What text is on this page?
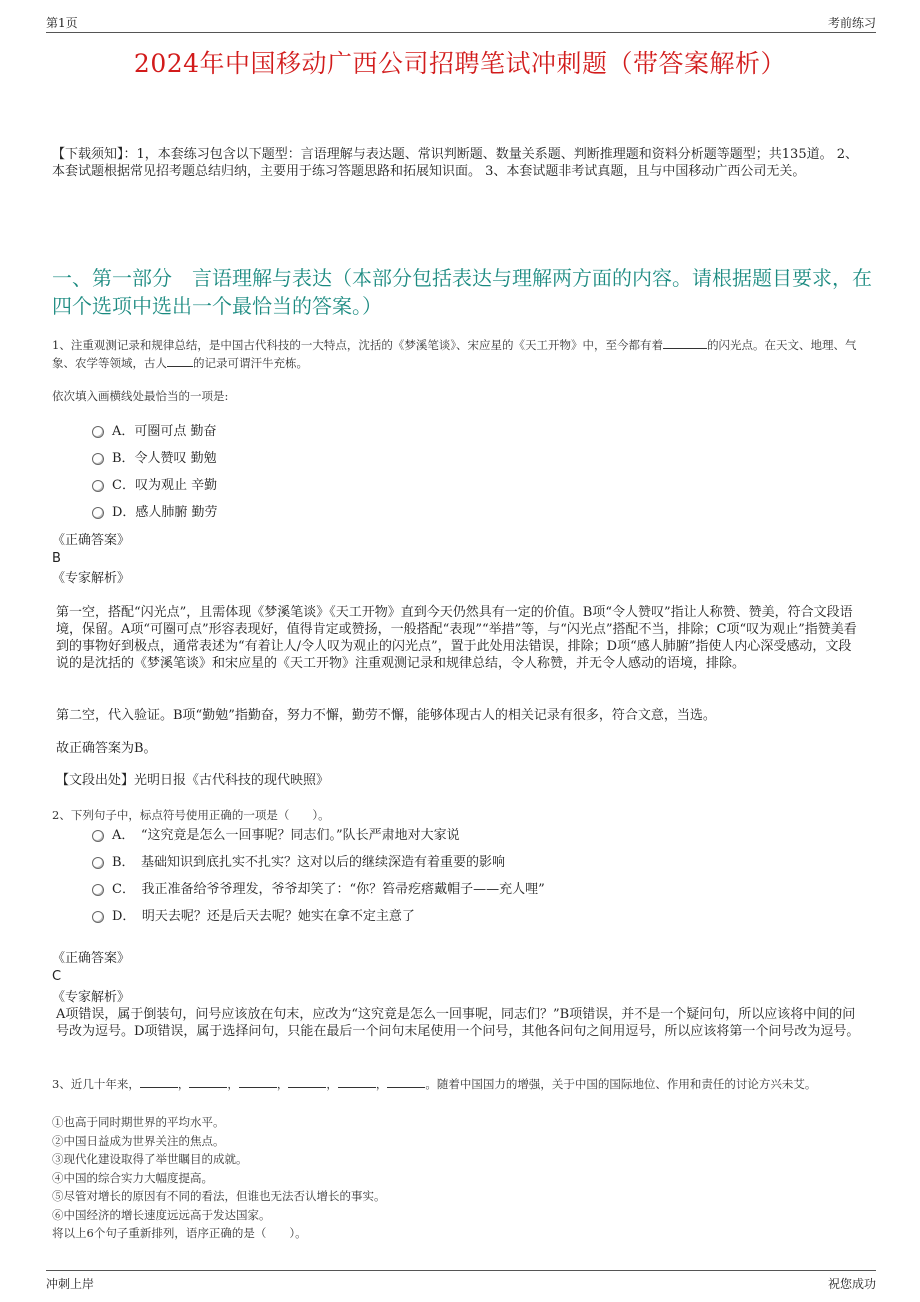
第1页	考前练习
2024年中国移动广西公司招聘笔试冲刺题（带答案解析）
【下载须知】：1，本套练习包含以下题型：言语理解与表达题、常识判断题、数量关系题、判断推理题和资料分析题等题型；共135道。 2、本套试题根据常见招考题总结归纳，主要用于练习答题思路和拓展知识面。 3、本套试题非考试真题，且与中国移动广西公司无关。
一、第一部分　言语理解与表达（本部分包括表达与理解两方面的内容。请根据题目要求，在四个选项中选出一个最恰当的答案。）
1、注重观测记录和规律总结，是中国古代科技的一大特点，沈括的《梦溪笔谈》、宋应星的《天工开物》中，至今都有着	的闪光点。在天文、地理、气象、农学等领域，古人 的记录可谓汗牛充栋。
依次填入画横线处最恰当的一项是:
A．可圈可点 勤奋
B．令人赞叹 勤勉
C．叹为观止 辛勤
D．感人肺腑 勤劳
《正确答案》
B
《专家解析》
第一空，搭配“闪光点”，且需体现《梦溪笔谈》《天工开物》直到今天仍然具有一定的价值。B项“令人赞叹”指让人称赞、赞美，符合文段语境，保留。A项“可圈可点”形容表现好，值得肯定或赞扬，一般搭配“表现”“举措”等，与“闪光点”搭配不当，排除；C项“叹为观止”指赞美看到的事物好到极点，通常表述为“有着让人/令人叹为观止的闪光点”，置于此处用法错误，排除；D项“感人肺腑”指使人内心深受感动，文段说的是沈括的《梦溪笔谈》和宋应星的《天工开物》注重观测记录和规律总结，令人称赞，并无令人感动的语境，排除。
第二空，代入验证。B项“勤勉”指勤奋，努力不懈，勤劳不懈，能够体现古人的相关记录有很多，符合文意，当选。
故正确答案为B。
【文段出处】光明日报《古代科技的现代映照》
2、下列句子中，标点符号使用正确的一项是（　　）。
A．　“这究竟是怎么一回事呢？同志们。”队长严肃地对大家说
B．　基础知识到底扎实不扎实？这对以后的继续深造有着重要的影响
C．　我正准备给爷爷理发，爷爷却笑了：“你？笞帚疙瘩戴帽子——充人哩”
D．　明天去呢？还是后天去呢？她实在拿不定主意了
《正确答案》
C
《专家解析》
A项错误，属于倒装句，问号应该放在句末，应改为“这究竟是怎么一回事呢，同志们？”B项错误，并不是一个疑问句，所以应该将中间的问号改为逗号。D项错误，属于选择问句，只能在最后一个问句末尾使用一个问号，其他各问句之间用逗号，所以应该将第一个问号改为逗号。
3、近几十年来，	，	，	，	，	，	。随着中国国力的增强，关于中国的国际地位、作用和责任的讨论方兴未艾。
①也高于同时期世界的平均水平。
②中国日益成为世界关注的焦点。
③现代化建设取得了举世瞩目的成就。
④中国的综合实力大幅度提高。
⑤尽管对增长的原因有不同的看法，但谁也无法否认增长的事实。
⑥中国经济的增长速度远远高于发达国家。
将以上6个句子重新排列，语序正确的是（　　）。
冲刺上岸	祝您成功
